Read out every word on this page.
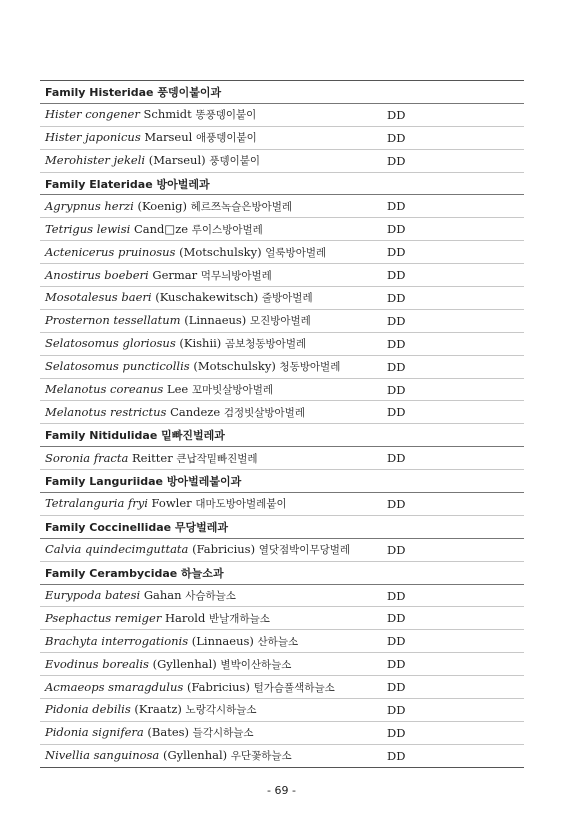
Family Histeridae 풍뎅이붙이과
Hister congener Schmidt 똥풍뎅이붙이	DD
Hister japonicus Marseul 애풍뎅이붙이	DD
Merohister jekeli (Marseul) 풍뎅이붙이	DD
Family Elateridae 방아벌레과
Agrypnus herzi (Koenig) 헤르쯔녹슬은방아벌레	DD
Tetrigus lewisi Cand□ze 루이스방아벌레	DD
Actenicerus pruinosus (Motschulsky) 얼룩방아벌레	DD
Anostirus boeberi Germar 먹무늬방아벌레	DD
Mosotalesus baeri (Kuschakewitsch) 줄방아벌레	DD
Prosternon tessellatum (Linnaeus) 모진방아벌레	DD
Selatosomus gloriosus (Kishii) 곰보청동방아벌레	DD
Selatosomus puncticollis (Motschulsky) 청동방아벌레	DD
Melanotus coreanus Lee 꼬마빗살방아벌레	DD
Melanotus restrictus Candeze 검정빗살방아벌레	DD
Family Nitidulidae 밑빠진벌레과
Soronia fracta Reitter 큰납작밑빠진벌레	DD
Family Languriidae 방아벌레붙이과
Tetralanguria fryi Fowler 대마도방아벌레붙이	DD
Family Coccinellidae 무당벌레과
Calvia quindecimguttata (Fabricius) 열닷점박이무당벌레	DD
Family Cerambycidae 하늘소과
Eurypoda batesi Gahan 사슴하늘소	DD
Psephactus remiger Harold 반날개하늘소	DD
Brachyta interrogationis (Linnaeus) 산하늘소	DD
Evodinus borealis (Gyllenhal) 별박이산하늘소	DD
Acmaeops smaragdulus (Fabricius) 털가슴풀색하늘소	DD
Pidonia debilis (Kraatz) 노랑각시하늘소	DD
Pidonia signifera (Bates) 들각시하늘소	DD
Nivellia sanguinosa (Gyllenhal) 우단꽃하늘소	DD
- 69 -
